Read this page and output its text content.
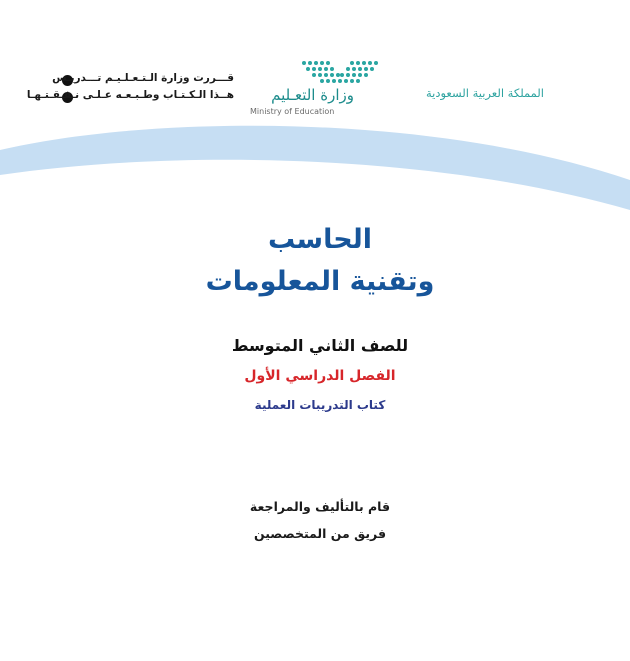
قـــررت وزارة الـتـعـلـيـم تـــدريـس
هــذا الـكـتـاب وطـبـعـه عـلـى نـفـقـتـهـا وزارة التعـليم
Ministry of Education
المملكة العربية السعودية
الحاسب
وتقنية المعلومات
للصف الثاني المتوسط
الفصل الدراسي الأول
كتاب التدريبات العملية
قام بالتأليف والمراجعة
فريق من المتخصصين
